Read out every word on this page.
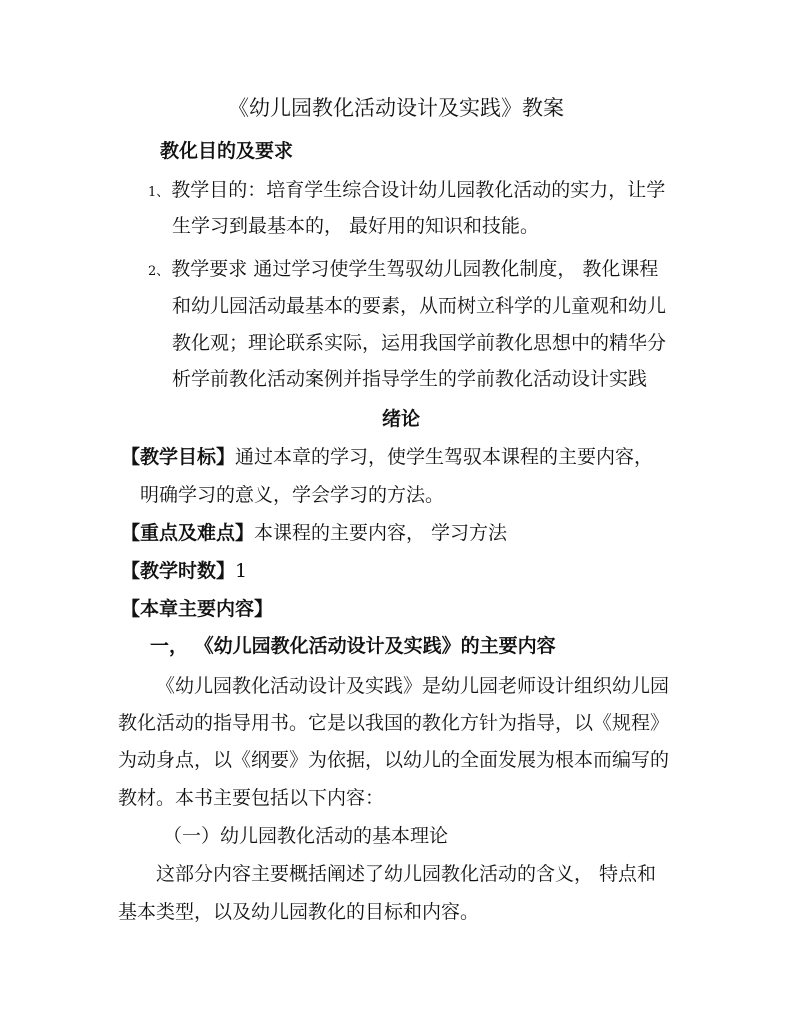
《幼儿园教化活动设计及实践》教案
教化目的及要求
1、 教学目的：培育学生综合设计幼儿园教化活动的实力，让学
生学习到最基本的， 最好用的知识和技能。
2、 教学要求 通过学习使学生驾驭幼儿园教化制度， 教化课程
和幼儿园活动最基本的要素，从而树立科学的儿童观和幼儿
教化观；理论联系实际，运用我国学前教化思想中的精华分
析学前教化活动案例并指导学生的学前教化活动设计实践
绪论
【教学目标】通过本章的学习，使学生驾驭本课程的主要内容，
明确学习的意义，学会学习的方法。
【重点及难点】本课程的主要内容， 学习方法
【教学时数】1
【本章主要内容】
一， 《幼儿园教化活动设计及实践》的主要内容
《幼儿园教化活动设计及实践》是幼儿园老师设计组织幼儿园
教化活动的指导用书。它是以我国的教化方针为指导，以《规程》
为动身点，以《纲要》为依据，以幼儿的全面发展为根本而编写的
教材。本书主要包括以下内容：
（一）幼儿园教化活动的基本理论
这部分内容主要概括阐述了幼儿园教化活动的含义， 特点和
基本类型，以及幼儿园教化的目标和内容。
